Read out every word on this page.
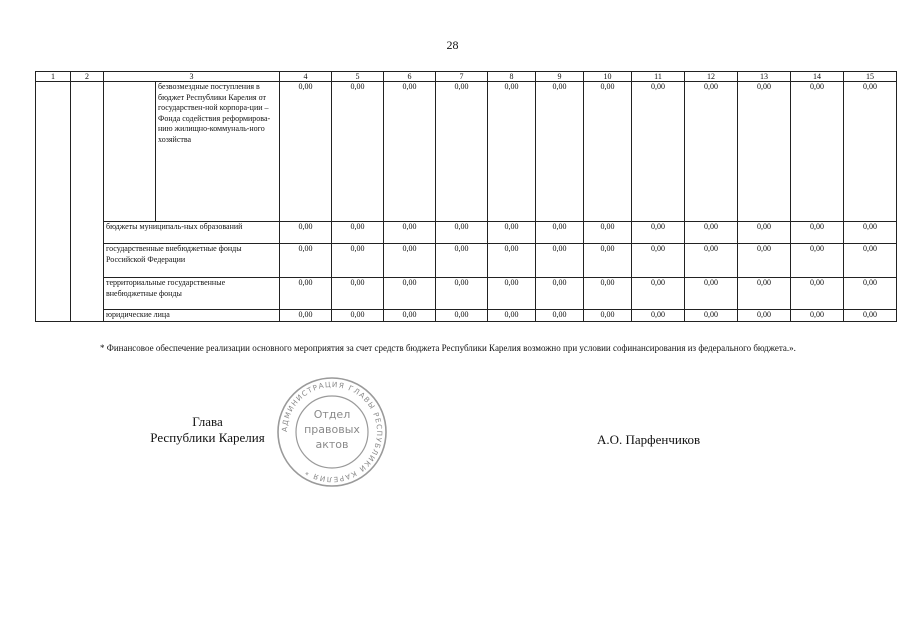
28
1	2	3		4	5	6	7	8	9	10	11	12	13	14	15
			безвозмездные поступления в бюджет Республики Карелия от государствен-ной корпора-ции – Фонда содействия реформирова-нию жилищно-коммуналь-ного хозяйства	0,00	0,00	0,00	0,00	0,00	0,00	0,00	0,00	0,00	0,00	0,00	0,00
		бюджеты муниципаль-ных образований		0,00	0,00	0,00	0,00	0,00	0,00	0,00	0,00	0,00	0,00	0,00	0,00
		государственные внебюджетные фонды Российской Федерации		0,00	0,00	0,00	0,00	0,00	0,00	0,00	0,00	0,00	0,00	0,00	0,00
		территориальные государственные внебюджетные фонды		0,00	0,00	0,00	0,00	0,00	0,00	0,00	0,00	0,00	0,00	0,00	0,00
		юридические лица		0,00	0,00	0,00	0,00	0,00	0,00	0,00	0,00	0,00	0,00	0,00	0,00
* Финансовое обеспечение реализации основного мероприятия за счет средств бюджета Республики Карелия возможно при условии софинансирования из федерального бюджета.».
Глава
Республики Карелия
АДМИНИСТРАЦИЯ ГЛАВЫ РЕСПУБЛИКИ КАРЕЛИЯ *
Отдел
правовых
актов	А.О. Парфенчиков
